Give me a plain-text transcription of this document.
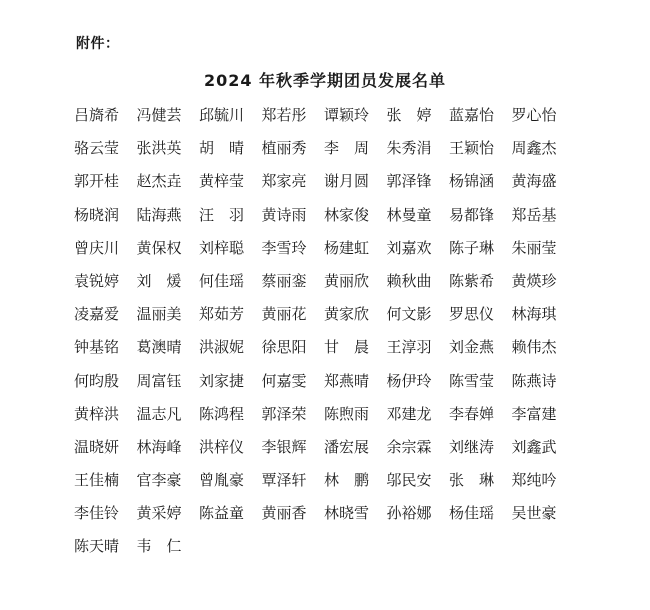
附件：
2024 年秋季学期团员发展名单
吕旖希	冯健芸	邱毓川	郑若彤	谭颖玲	张　婷	蓝嘉怡	罗心怡
骆云莹	张洪英	胡　晴	植丽秀	李　周	朱秀涓	王颖怡	周鑫杰
郭开桂	赵杰垚	黄梓莹	郑家亮	谢月圆	郭泽锋	杨锦涵	黄海盛
杨晓润	陆海燕	汪　羽	黄诗雨	林家俊	林曼童	易都锋	郑岳基
曾庆川	黄保权	刘梓聪	李雪玲	杨建虹	刘嘉欢	陈子琳	朱丽莹
袁锐婷	刘　煖	何佳瑶	蔡丽銮	黄丽欣	赖秋曲	陈紫希	黄煐珍
凌嘉爱	温丽美	郑茹芳	黄丽花	黄家欣	何文影	罗思仪	林海琪
钟基铭	葛澳晴	洪淑妮	徐思阳	甘　晨	王淳羽	刘金燕	赖伟杰
何昀殷	周富钰	刘家捷	何嘉雯	郑燕晴	杨伊玲	陈雪莹	陈燕诗
黄梓洪	温志凡	陈鸿程	郭泽荣	陈煦雨	邓建龙	李春婵	李富建
温晓妍	林海峰	洪梓仪	李银辉	潘宏展	余宗霖	刘继涛	刘鑫武
王佳楠	官李豪	曾胤豪	覃泽轩	林　鹏	邬民安	张　琳	郑纯吟
李佳铃	黄采婷	陈益童	黄丽香	林晓雪	孙裕娜	杨佳瑶	吴世豪
陈天晴	韦　仁
